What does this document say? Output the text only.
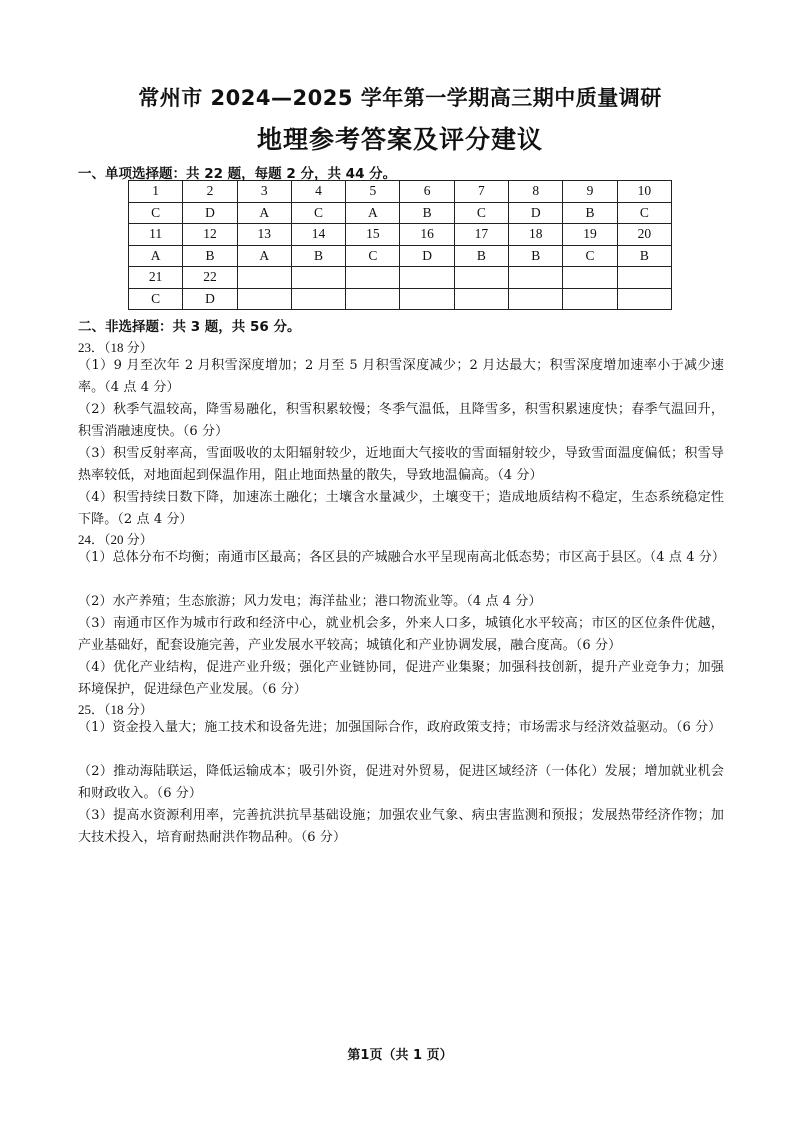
常州市 2024—2025 学年第一学期高三期中质量调研
地理参考答案及评分建议
一、单项选择题：共 22 题，每题 2 分，共 44 分。
1	2	3	4	5	6	7	8	9	10
C	D	A	C	A	B	C	D	B	C
11	12	13	14	15	16	17	18	19	20
A	B	A	B	C	D	B	B	C	B
21	22								
C	D								
二、非选择题：共 3 题，共 56 分。
23．（18 分）
（1）9 月至次年 2 月积雪深度增加；2 月至 5 月积雪深度减少；2 月达最大；积雪深度增加速率小于减少速率。（4 点 4 分）
（2）秋季气温较高，降雪易融化，积雪积累较慢；冬季气温低，且降雪多，积雪积累速度快；春季气温回升，积雪消融速度快。（6 分）
（3）积雪反射率高，雪面吸收的太阳辐射较少，近地面大气接收的雪面辐射较少，导致雪面温度偏低；积雪导热率较低，对地面起到保温作用，阻止地面热量的散失，导致地温偏高。（4 分）
（4）积雪持续日数下降，加速冻土融化；土壤含水量减少，土壤变干；造成地质结构不稳定，生态系统稳定性下降。（2 点 4 分）
24．（20 分）
（1）总体分布不均衡；南通市区最高；各区县的产城融合水平呈现南高北低态势；市区高于县区。（4 点 4 分）
（2）水产养殖；生态旅游；风力发电；海洋盐业；港口物流业等。（4 点 4 分）
（3）南通市区作为城市行政和经济中心，就业机会多，外来人口多，城镇化水平较高；市区的区位条件优越，产业基础好，配套设施完善，产业发展水平较高；城镇化和产业协调发展，融合度高。（6 分）
（4）优化产业结构，促进产业升级；强化产业链协同，促进产业集聚；加强科技创新，提升产业竞争力；加强环境保护，促进绿色产业发展。（6 分）
25．（18 分）
（1）资金投入量大；施工技术和设备先进；加强国际合作，政府政策支持；市场需求与经济效益驱动。（6 分）
（2）推动海陆联运，降低运输成本；吸引外资，促进对外贸易，促进区域经济（一体化）发展；增加就业机会和财政收入。（6 分）
（3）提高水资源利用率，完善抗洪抗旱基础设施；加强农业气象、病虫害监测和预报；发展热带经济作物；加大技术投入，培育耐热耐洪作物品种。（6 分）
第1页（共 1 页）
